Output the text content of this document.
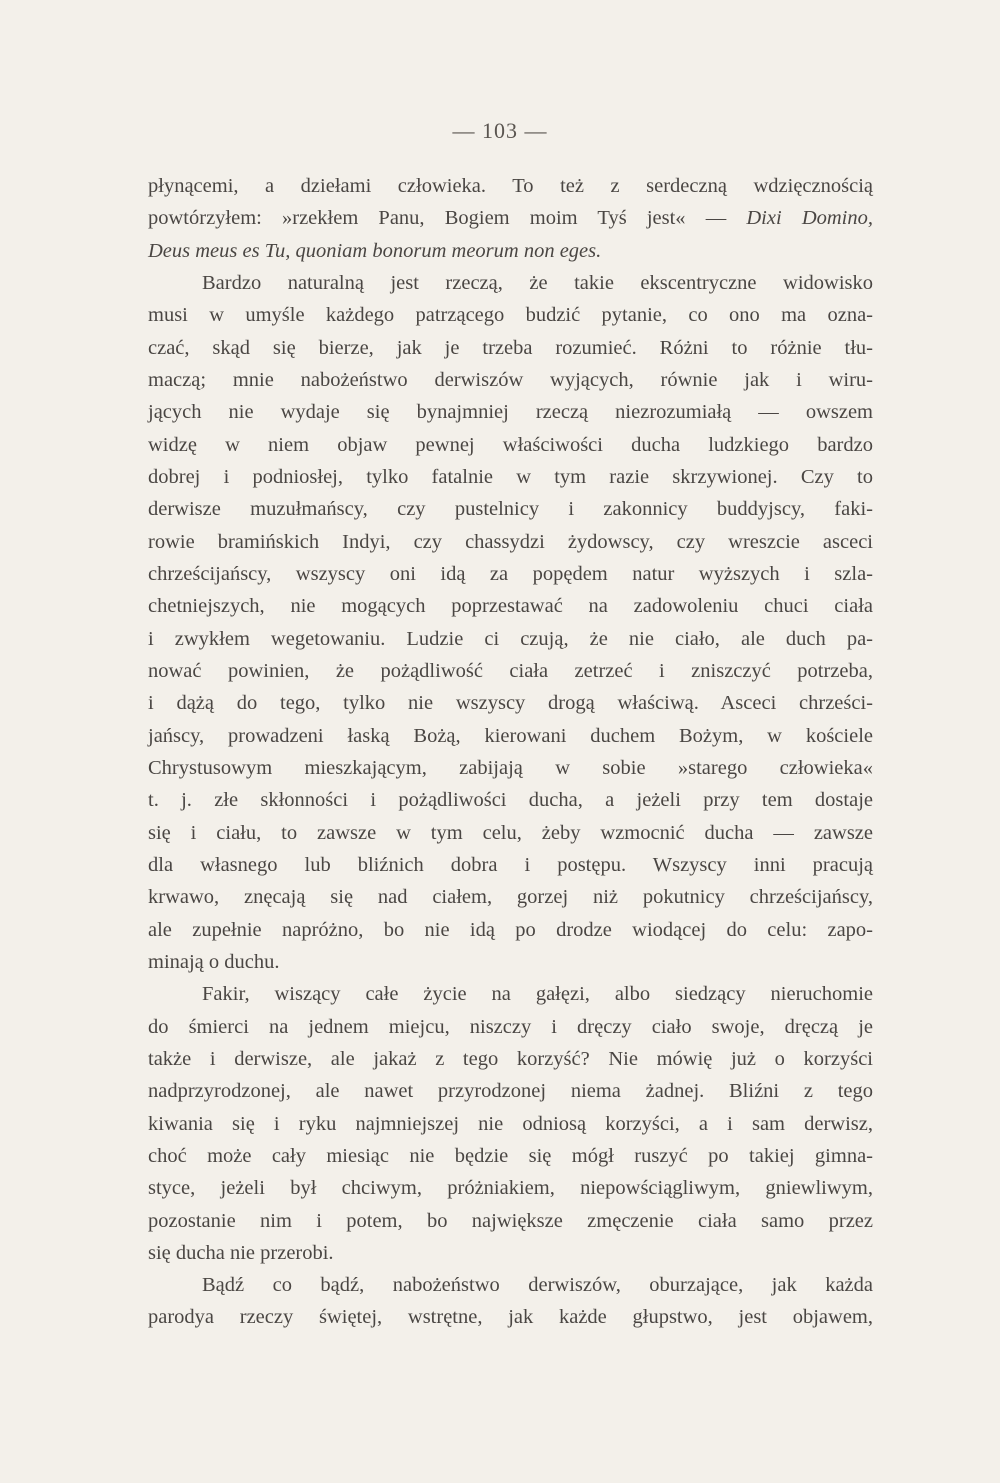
— 103 —
płynącemi, a dziełami człowieka. To też z serdeczną wdzięcznością
powtórzyłem: »rzekłem Panu, Bogiem moim Tyś jest« — Dixi Domino,
Deus meus es Tu, quoniam bonorum meorum non eges.
Bardzo naturalną jest rzeczą, że takie ekscentryczne widowisko
musi w umyśle każdego patrzącego budzić pytanie, co ono ma ozna-
czać, skąd się bierze, jak je trzeba rozumieć. Różni to różnie tłu-
maczą; mnie nabożeństwo derwiszów wyjących, równie jak i wiru-
jących nie wydaje się bynajmniej rzeczą niezrozumiałą — owszem
widzę w niem objaw pewnej właściwości ducha ludzkiego bardzo
dobrej i podniosłej, tylko fatalnie w tym razie skrzywionej. Czy to
derwisze muzułmańscy, czy pustelnicy i zakonnicy buddyjscy, faki-
rowie bramińskich Indyi, czy chassydzi żydowscy, czy wreszcie asceci
chrześcijańscy, wszyscy oni idą za popędem natur wyższych i szla-
chetniejszych, nie mogących poprzestawać na zadowoleniu chuci ciała
i zwykłem wegetowaniu. Ludzie ci czują, że nie ciało, ale duch pa-
nować powinien, że pożądliwość ciała zetrzeć i zniszczyć potrzeba,
i dążą do tego, tylko nie wszyscy drogą właściwą. Asceci chrześci-
jańscy, prowadzeni łaską Bożą, kierowani duchem Bożym, w kościele
Chrystusowym mieszkającym, zabijają w sobie »starego człowieka«
t. j. złe skłonności i pożądliwości ducha, a jeżeli przy tem dostaje
się i ciału, to zawsze w tym celu, żeby wzmocnić ducha — zawsze
dla własnego lub bliźnich dobra i postępu. Wszyscy inni pracują
krwawo, znęcają się nad ciałem, gorzej niż pokutnicy chrześcijańscy,
ale zupełnie napróżno, bo nie idą po drodze wiodącej do celu: zapo-
minają o duchu.
Fakir, wiszący całe życie na gałęzi, albo siedzący nieruchomie
do śmierci na jednem miejcu, niszczy i dręczy ciało swoje, dręczą je
także i derwisze, ale jakaż z tego korzyść? Nie mówię już o korzyści
nadprzyrodzonej, ale nawet przyrodzonej niema żadnej. Bliźni z tego
kiwania się i ryku najmniejszej nie odniosą korzyści, a i sam derwisz,
choć może cały miesiąc nie będzie się mógł ruszyć po takiej gimna-
styce, jeżeli był chciwym, próżniakiem, niepowściągliwym, gniewliwym,
pozostanie nim i potem, bo największe zmęczenie ciała samo przez
się ducha nie przerobi.
Bądź co bądź, nabożeństwo derwiszów, oburzające, jak każda
parodya rzeczy świętej, wstrętne, jak każde głupstwo, jest objawem,
